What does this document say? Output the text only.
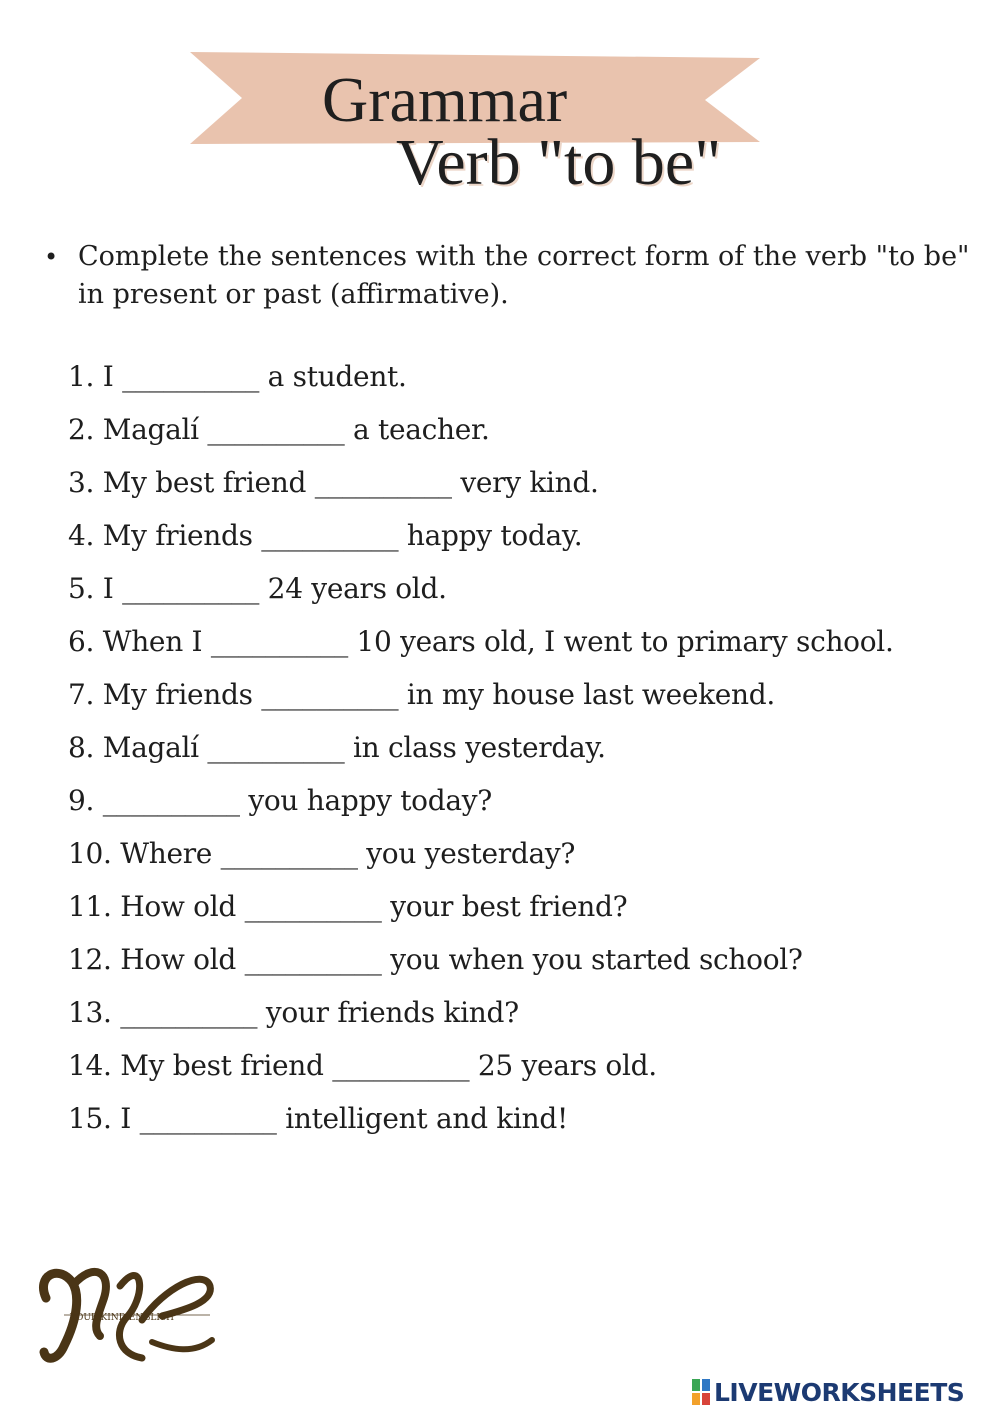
Grammar
Verb "to be"
• Complete the sentences with the correct form of the verb "to be" in present or past (affirmative).
1. I __________ a student.
2. Magalí __________ a teacher.
3. My best friend __________ very kind.
4. My friends __________ happy today.
5. I __________ 24 years old.
6. When I __________ 10 years old, I went to primary school.
7. My friends __________ in my house last weekend.
8. Magalí __________ in class yesterday.
9. __________ you happy today?
10. Where __________ you yesterday?
11. How old __________ your best friend?
12. How old __________ you when you started school?
13. __________ your friends kind?
14. My best friend __________ 25 years old.
15. I __________ intelligent and kind!
YOUR KIND ENGLISH
LIVEWORKSHEETS
